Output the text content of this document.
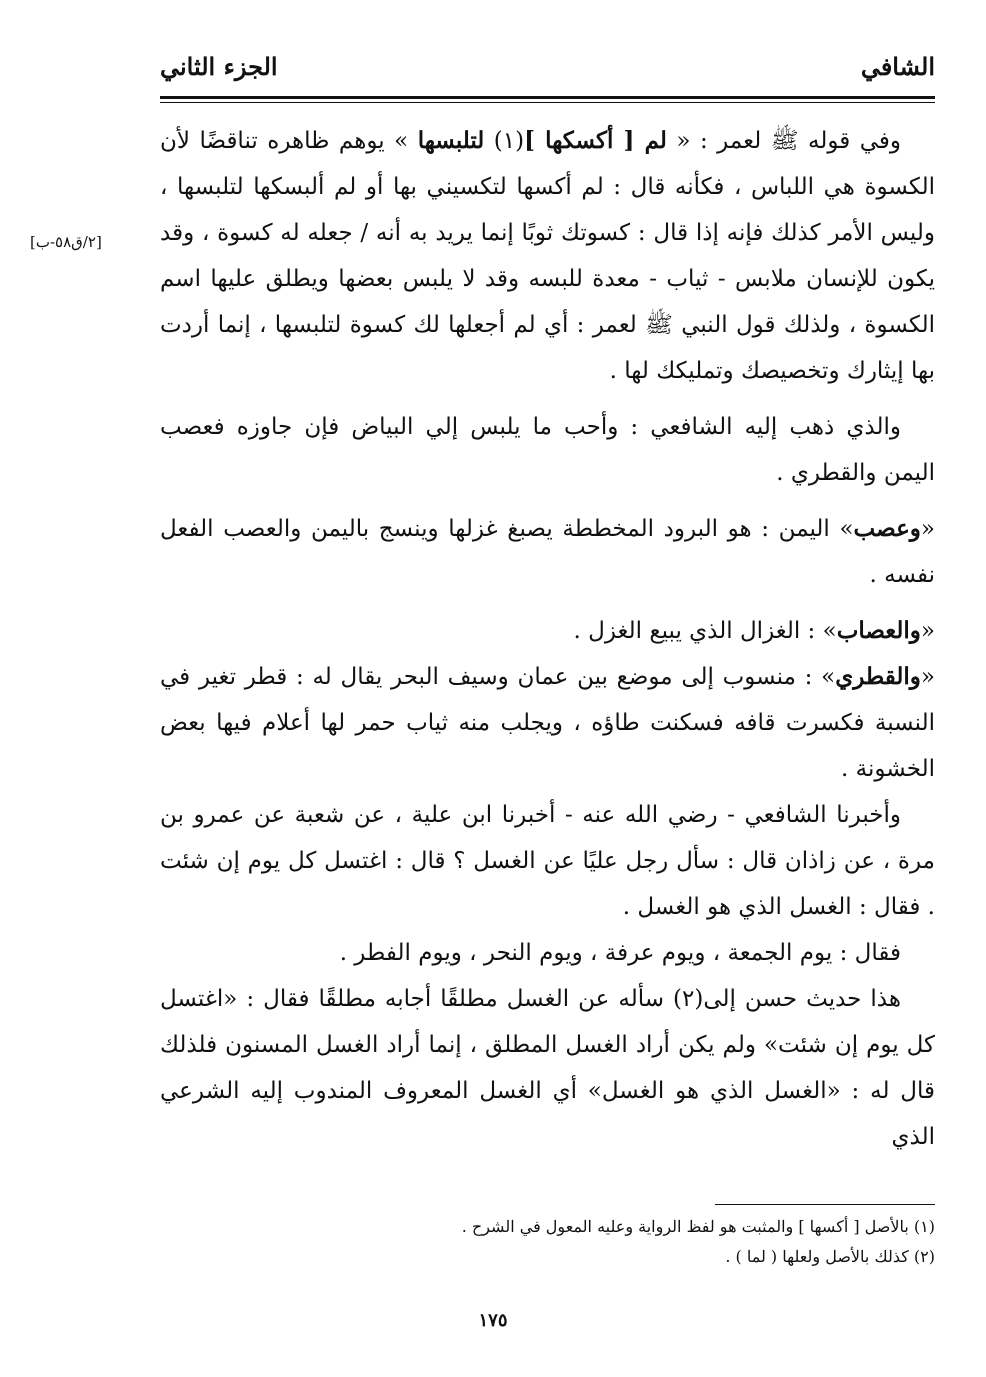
الشافي
الجزء الثاني
[٢/ق٥٨-ب]

وفي قوله ﷺ لعمر : « لم [ أكسكها ](١) لتلبسها » يوهم ظاهره تناقضًا لأن الكسوة هي اللباس ، فكأنه قال : لم أكسها لتكسيني بها أو لم ألبسكها لتلبسها ، وليس الأمر كذلك فإنه إذا قال : كسوتك ثوبًا إنما يريد به أنه / جعله له كسوة ، وقد يكون للإنسان ملابس - ثياب - معدة للبسه وقد لا يلبس بعضها ويطلق عليها اسم الكسوة ، ولذلك قول النبي ﷺ لعمر : أي لم أجعلها لك كسوة لتلبسها ، إنما أردت بها إيثارك وتخصيصك وتمليكك لها .

والذي ذهب إليه الشافعي : وأحب ما يلبس إلي البياض فإن جاوزه فعصب اليمن والقطري .

«وعصب» اليمن : هو البرود المخططة يصبغ غزلها وينسج باليمن والعصب الفعل نفسه .

«والعصاب» : الغزال الذي يبيع الغزل .

«والقطري» : منسوب إلى موضع بين عمان وسيف البحر يقال له : قطر تغير في النسبة فكسرت قافه فسكنت طاؤه ، ويجلب منه ثياب حمر لها أعلام فيها بعض الخشونة .

وأخبرنا الشافعي - رضي الله عنه - أخبرنا ابن علية ، عن شعبة عن عمرو بن مرة ، عن زاذان قال : سأل رجل عليًا عن الغسل ؟ قال : اغتسل كل يوم إن شئت . فقال : الغسل الذي هو الغسل .

فقال : يوم الجمعة ، ويوم عرفة ، ويوم النحر ، ويوم الفطر .

هذا حديث حسن إلى(٢) سأله عن الغسل مطلقًا أجابه مطلقًا فقال : «اغتسل كل يوم إن شئت» ولم يكن أراد الغسل المطلق ، إنما أراد الغسل المسنون فلذلك قال له : «الغسل الذي هو الغسل» أي الغسل المعروف المندوب إليه الشرعي الذي

(١) بالأصل [ أكسها ] والمثبت هو لفظ الرواية وعليه المعول في الشرح .
(٢) كذلك بالأصل ولعلها ( لما ) .
١٧٥
